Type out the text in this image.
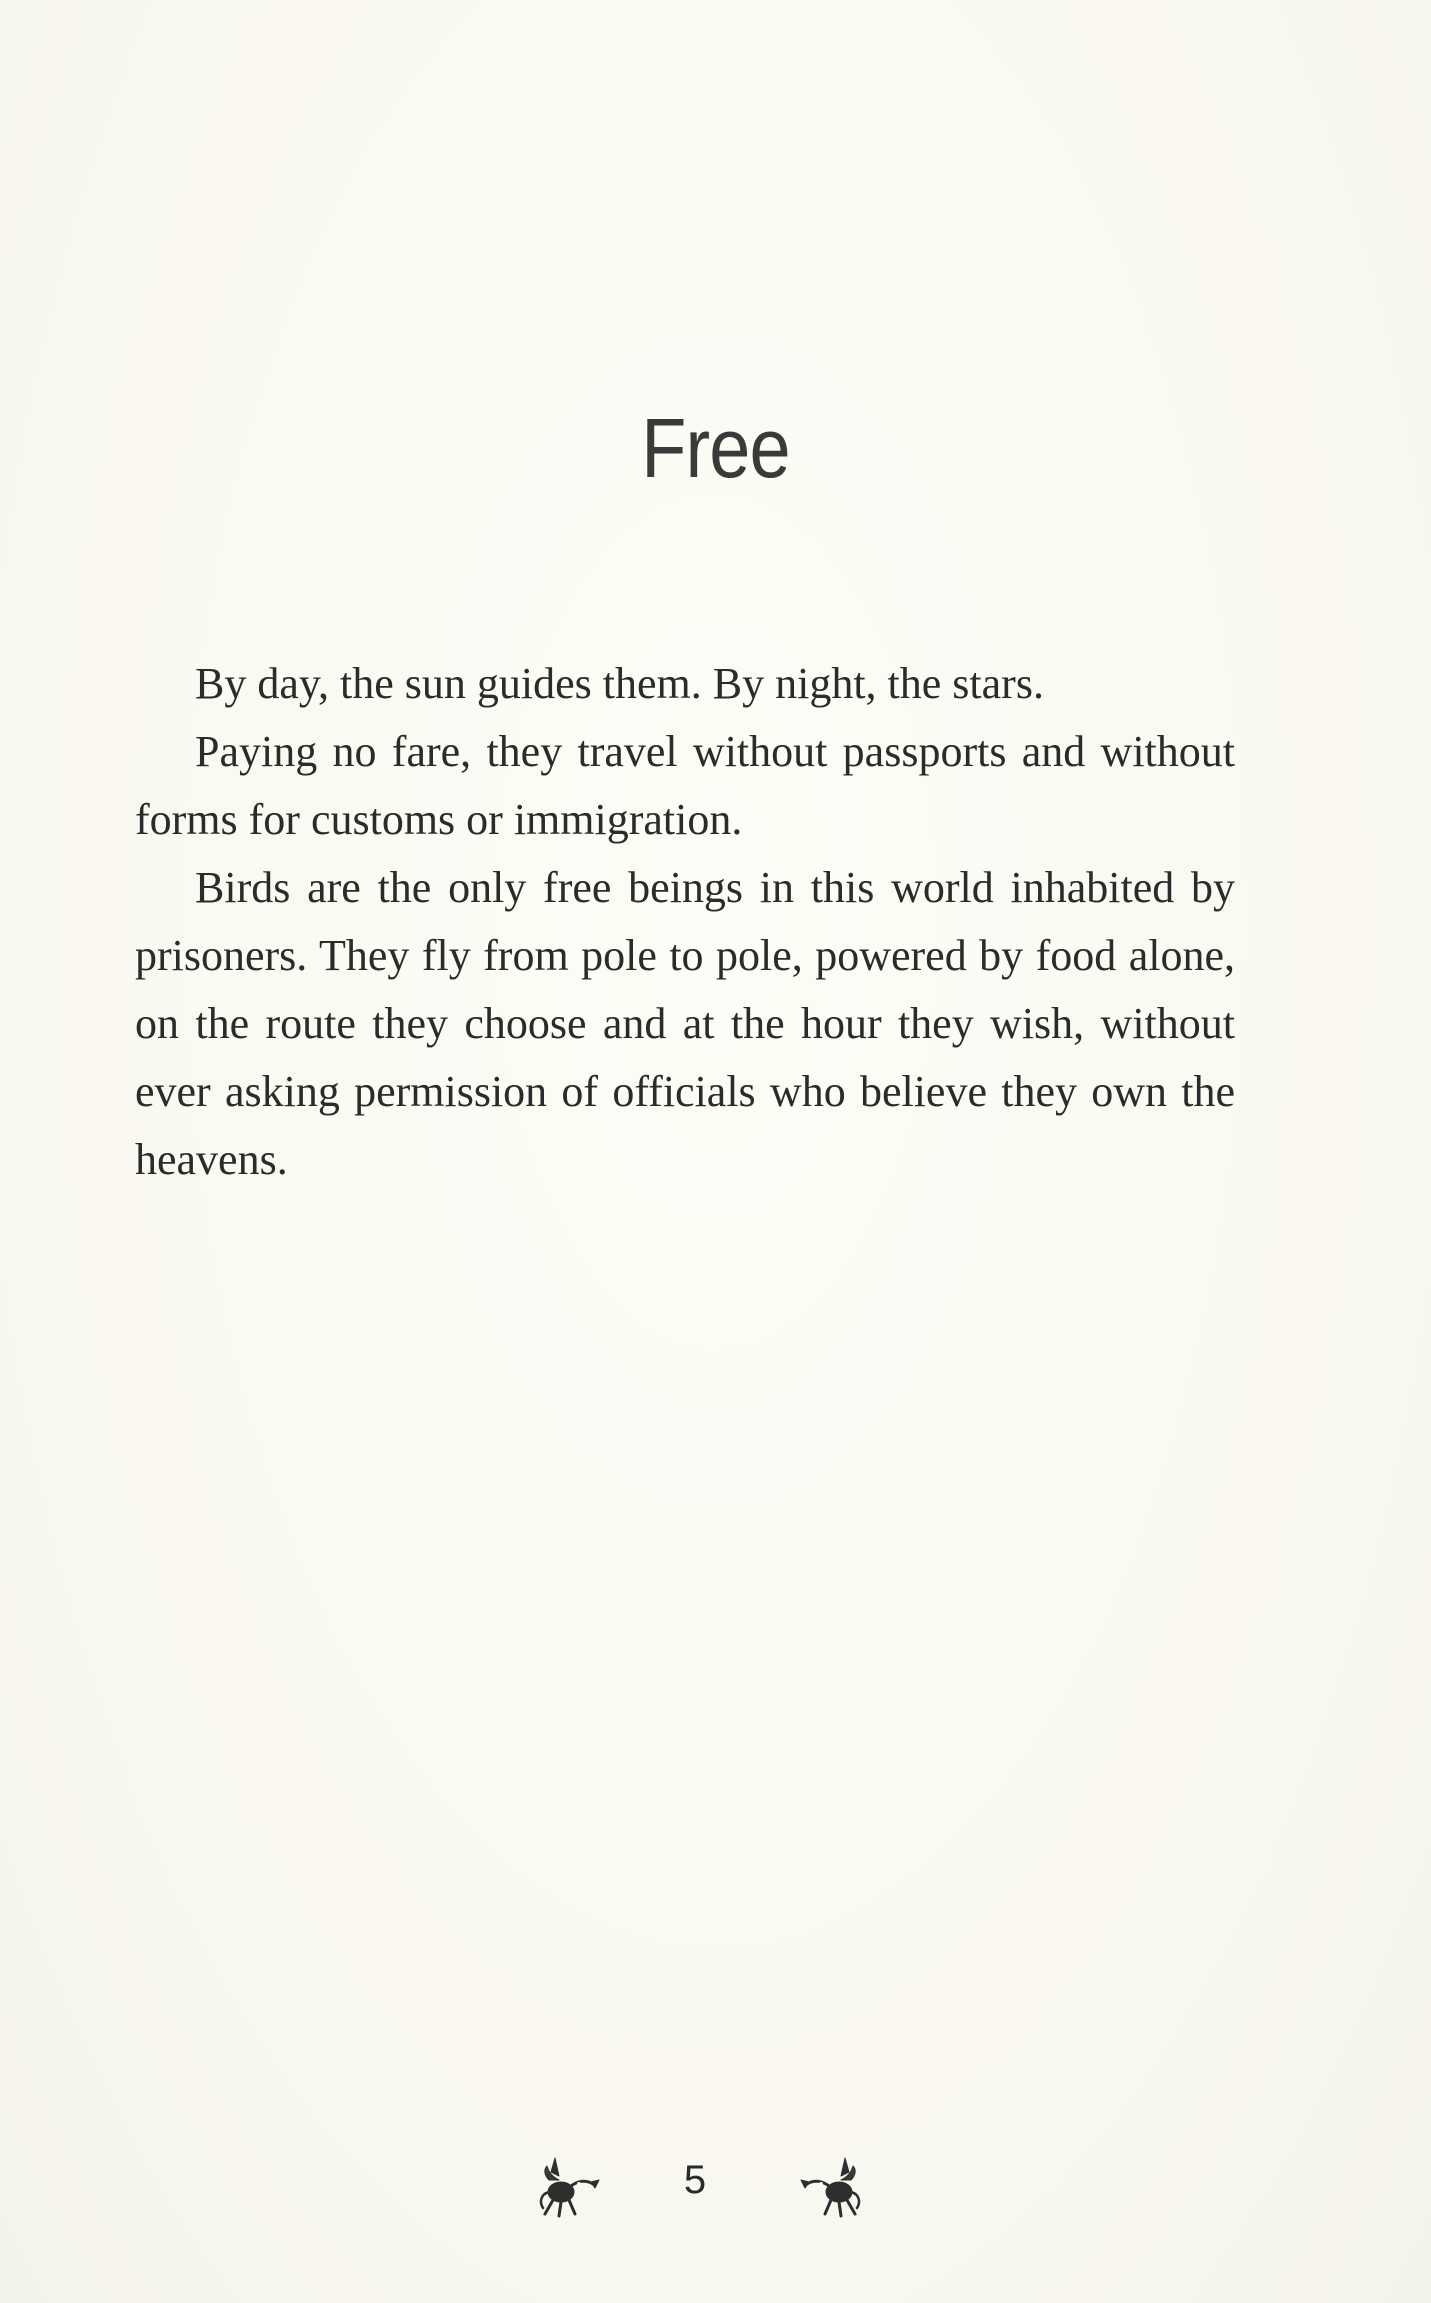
Free

By day, the sun guides them. By night, the stars.

Paying no fare, they travel without passports and without forms for customs or immigration.

Birds are the only free beings in this world inhabited by prisoners. They fly from pole to pole, powered by food alone, on the route they choose and at the hour they wish, without ever asking permission of officials who believe they own the heavens.

5
